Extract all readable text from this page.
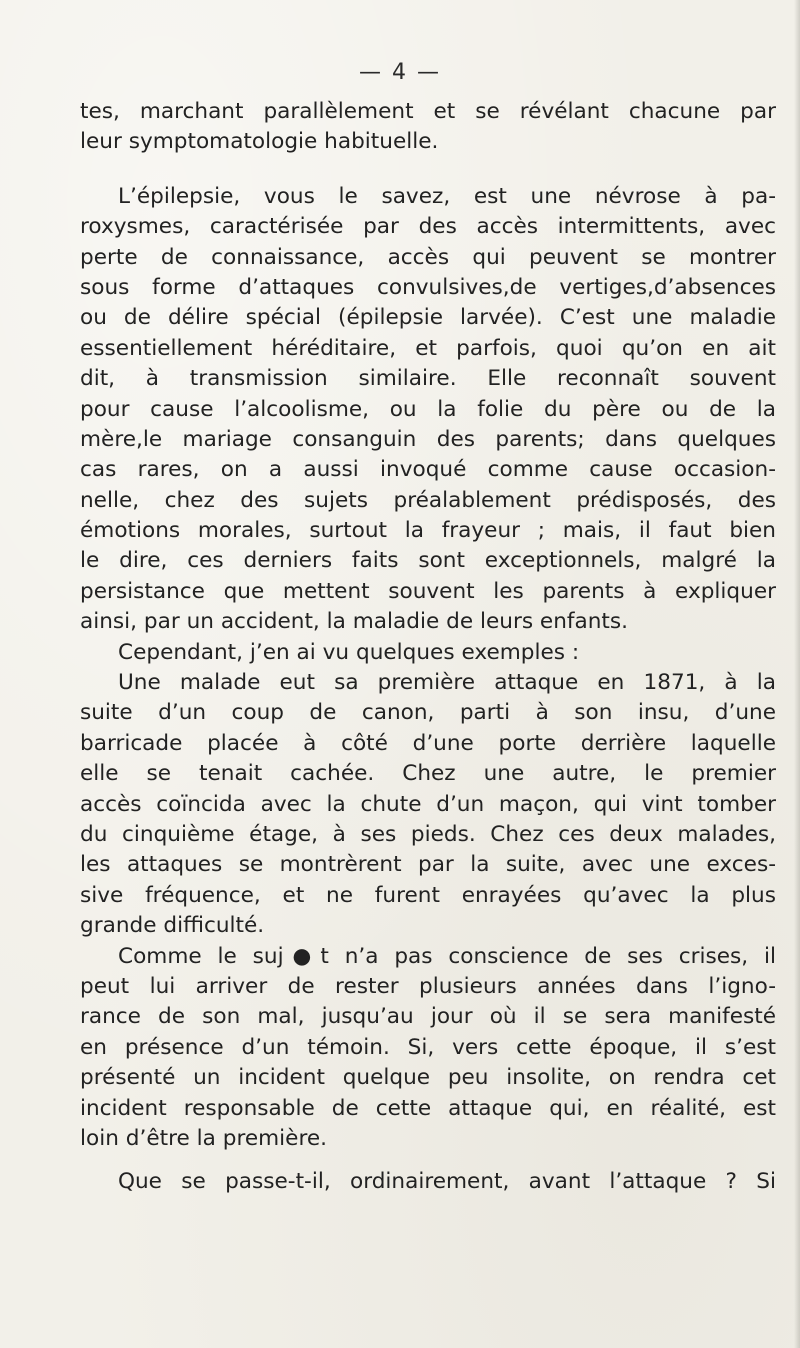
— 4 —
tes, marchant parallèlement et se révélant chacune par
leur symptomatologie habituelle.
L’épilepsie, vous le savez, est une névrose à pa-
roxysmes, caractérisée par des accès intermittents, avec
perte de connaissance, accès qui peuvent se montrer
sous forme d’attaques convulsives,de vertiges,d’absences
ou de délire spécial (épilepsie larvée). C’est une maladie
essentiellement héréditaire, et parfois, quoi qu’on en ait
dit, à transmission similaire. Elle reconnaît souvent
pour cause l’alcoolisme, ou la folie du père ou de la
mère,le mariage consanguin des parents; dans quelques
cas rares, on a aussi invoqué comme cause occasion-
nelle, chez des sujets préalablement prédisposés, des
émotions morales, surtout la frayeur ; mais, il faut bien
le dire, ces derniers faits sont exceptionnels, malgré la
persistance que mettent souvent les parents à expliquer
ainsi, par un accident, la maladie de leurs enfants.
Cependant, j’en ai vu quelques exemples :
Une malade eut sa première attaque en 1871, à la
suite d’un coup de canon, parti à son insu, d’une
barricade placée à côté d’une porte derrière laquelle
elle se tenait cachée. Chez une autre, le premier
accès coïncida avec la chute d’un maçon, qui vint tomber
du cinquième étage, à ses pieds. Chez ces deux malades,
les attaques se montrèrent par la suite, avec une exces-
sive fréquence, et ne furent enrayées qu’avec la plus
grande difficulté.
Comme le suj●t n’a pas conscience de ses crises, il
peut lui arriver de rester plusieurs années dans l’igno-
rance de son mal, jusqu’au jour où il se sera manifesté
en présence d’un témoin. Si, vers cette époque, il s’est
présenté un incident quelque peu insolite, on rendra cet
incident responsable de cette attaque qui, en réalité, est
loin d’être la première.
Que se passe-t-il, ordinairement, avant l’attaque ? Si
